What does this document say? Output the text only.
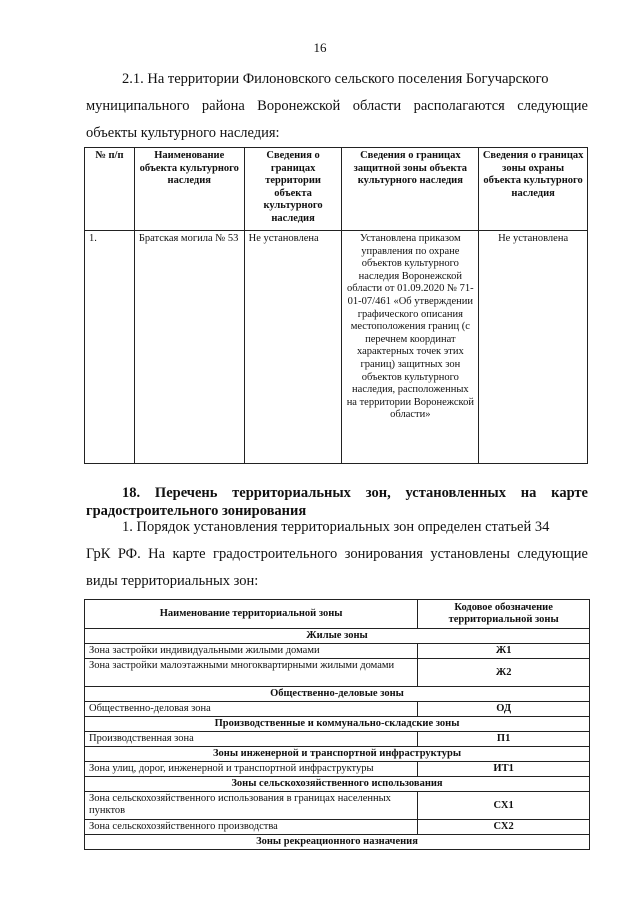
16
2.1. На территории Филоновского сельского поселения Богучарского
муниципального района Воронежской области располагаются следующие
объекты культурного наследия:
№ п/п	Наименование объекта культурного наследия	Сведения о границах территории объекта культурного наследия	Сведения о границах защитной зоны объекта культурного наследия	Сведения о границах зоны охраны объекта культурного наследия
1.	Братская могила № 53	Не установлена	Установлена приказом управления по охране объектов культурного наследия Воронежской области от 01.09.2020 № 71-01-07/461 «Об утверждении графического описания местоположения границ (с перечнем координат характерных точек этих границ) защитных зон объектов культурного наследия, расположенных на территории Воронежской области»	Не установлена
18. Перечень территориальных зон, установленных на карте градостроительного зонирования
1. Порядок установления территориальных зон определен статьей 34
ГрК РФ. На карте градостроительного зонирования установлены следующие
виды территориальных зон:
Наименование территориальной зоны	Кодовое обозначение территориальной зоны
Жилые зоны	
Зона застройки индивидуальными жилыми домами	Ж1
Зона застройки малоэтажными многоквартирными жилыми домами	Ж2
Общественно-деловые зоны	
Общественно-деловая зона	ОД
Производственные и коммунально-складские зоны	
Производственная зона	П1
Зоны инженерной и транспортной инфраструктуры	
Зона улиц, дорог, инженерной и транспортной инфраструктуры	ИТ1
Зоны сельскохозяйственного использования	
Зона сельскохозяйственного использования в границах населенных пунктов	СХ1
Зона сельскохозяйственного производства	СХ2
Зоны рекреационного назначения	
